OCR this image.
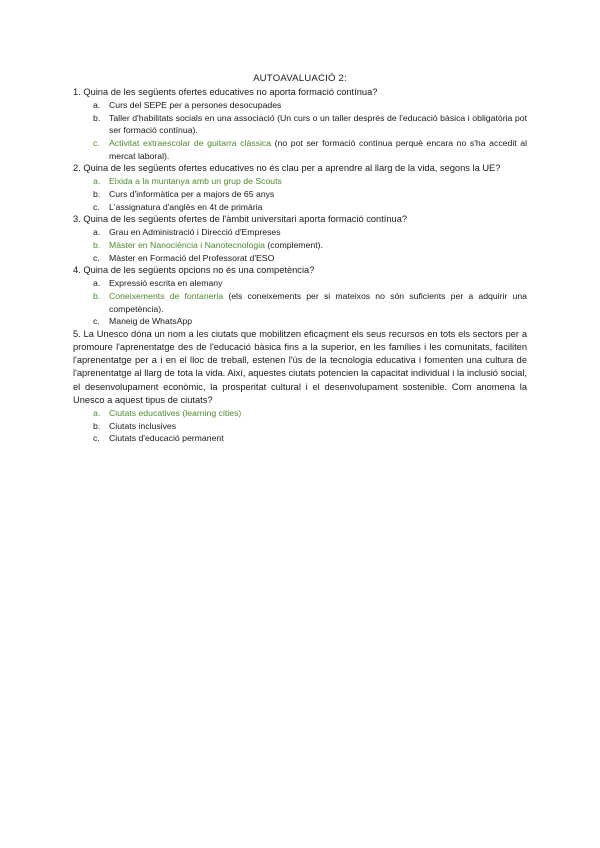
AUTOAVALUACIÓ 2:

1. Quina de les següents ofertes educatives no aporta formació contínua?

a. Curs del SEPE per a persones desocupades
b. Taller d'habilitats socials en una associació (Un curs o un taller després de l'educació bàsica i obligatòria pot ser formació contínua).
c. Activitat extraescolar de guitarra clàssica (no pot ser formació contínua perquè encara no s'ha accedit al mercat laboral).

2. Quina de les següents ofertes educatives no és clau per a aprendre al llarg de la vida, segons la UE?

a. Eixida a la muntanya amb un grup de Scouts
b. Curs d'informàtica per a majors de 65 anys
c. L'assignatura d'anglès en 4t de primària

3. Quina de les següents ofertes de l'àmbit universitari aporta formació contínua?

a. Grau en Administració i Direcció d'Empreses
b. Màster en Nanociència i Nanotecnologia (complement).
c. Màster en Formació del Professorat d'ESO

4. Quina de les següents opcions no és una competència?

a. Expressió escrita en alemany
b. Coneixements de fontaneria (els coneixements per si mateixos no són suficients per a adquirir una competència).
c. Maneig de WhatsApp

5. La Unesco dóna un nom a les ciutats que mobilitzen eficaçment els seus recursos en tots els sectors per a promoure l'aprenentatge des de l'educació bàsica fins a la superior, en les famílies i les comunitats, faciliten l'aprenentatge per a i en el lloc de treball, estenen l'ús de la tecnologia educativa i fomenten una cultura de l'aprenentatge al llarg de tota la vida. Així, aquestes ciutats potencien la capacitat individual i la inclusió social, el desenvolupament econòmic, la prosperitat cultural i el desenvolupament sostenible. Com anomena la Unesco a aquest tipus de ciutats?

a. Ciutats educatives (learning cities)
b. Ciutats inclusives
c. Ciutats d'educació permanent
